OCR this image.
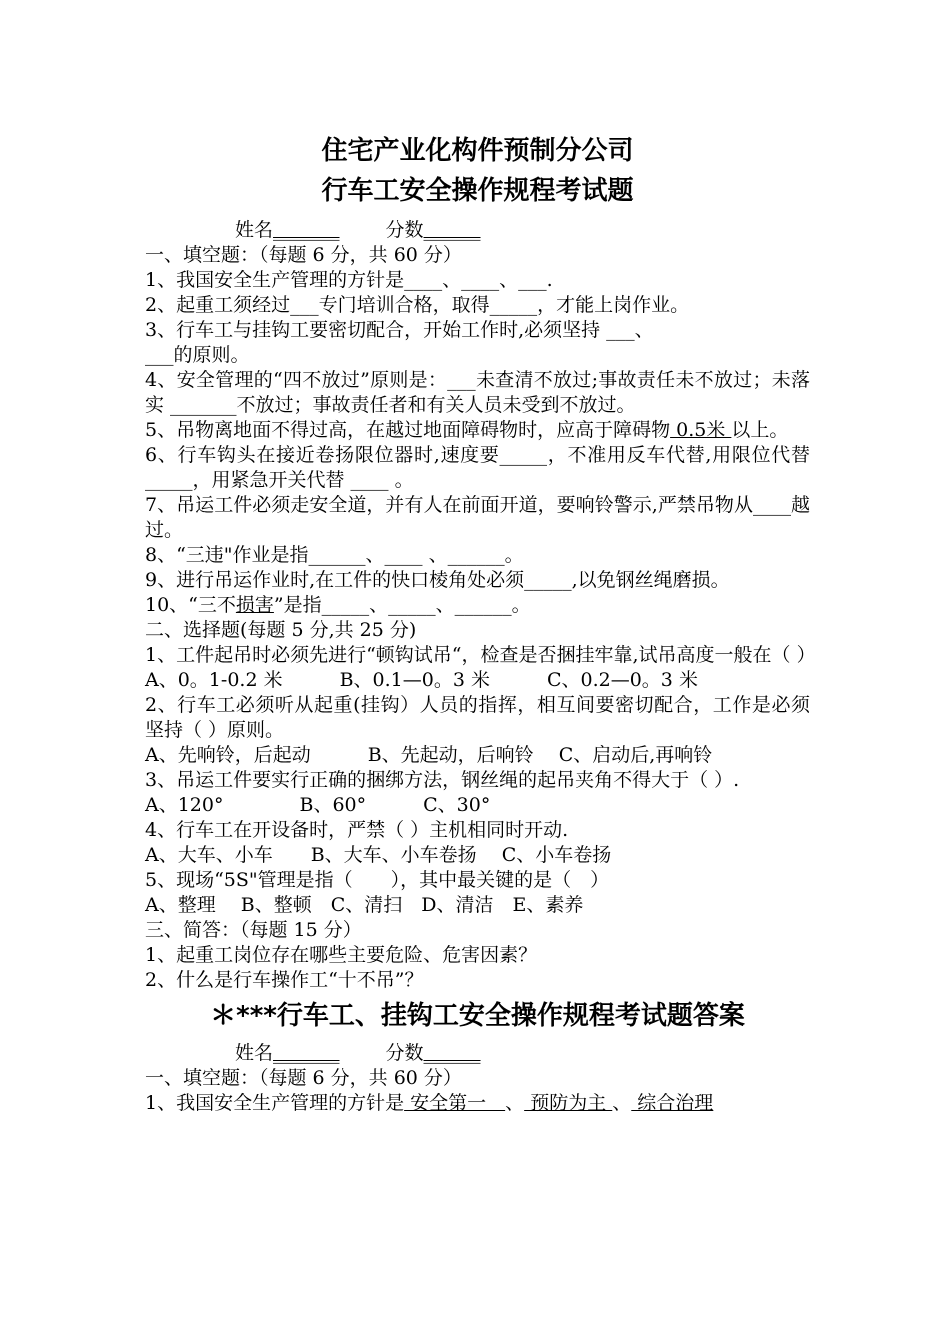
住宅产业化构件预制分公司
行车工安全操作规程考试题
姓名_______ 分数______
一、填空题：（每题 6 分，共 60 分）
1、我国安全生产管理的方针是____、____、___.
2、起重工须经过___专门培训合格，取得_____，才能上岗作业。
3、行车工与挂钩工要密切配合，开始工作时,必须坚持 ___、
___的原则。
4、安全管理的“四不放过”原则是：___未查清不放过;事故责任未不放过；未落实 _______不放过；事故责任者和有关人员未受到不放过。
5、吊物离地面不得过高，在越过地面障碍物时，应高于障碍物 0.5米 以上。
6、行车钩头在接近卷扬限位器时,速度要_____，不准用反车代替,用限位代替_____，用紧急开关代替 ____ 。
7、吊运工件必须走安全道，并有人在前面开道，要响铃警示,严禁吊物从____越过。
8、“三违"作业是指______、____ 、______。
9、进行吊运作业时,在工件的快口棱角处必须_____,以免钢丝绳磨损。
10、“三不损害”是指_____、_____、______。
二、选择题(每题 5 分,共 25 分)
1、工件起吊时必须先进行“顿钩试吊“，检查是否捆挂牢靠,试吊高度一般在（ ）
A、0。1-0.2 米　　　B、0.1—0。3 米　　　C、0.2—0。3 米
2、行车工必须听从起重(挂钩）人员的指挥，相互间要密切配合，工作是必须坚持（ ）原则。
A、先响铃，后起动　　　B、先起动，后响铃　 C、启动后,再响铃
3、吊运工件要实行正确的捆绑方法，钢丝绳的起吊夹角不得大于（ ）.
A、120°　　　　B、60°　　　C、30°
4、行车工在开设备时，严禁（ ）主机相同时开动.
A、大车、小车　　B、大车、小车卷扬　 C、小车卷扬
5、现场“5S"管理是指（　　），其中最关键的是（　）
A、整理　 B、整顿　C、清扫　D、清洁　E、素养
三、简答：（每题 15 分）
1、起重工岗位存在哪些主要危险、危害因素？
2、什么是行车操作工“十不吊”？
＊***行车工、挂钩工安全操作规程考试题答案
姓名_______ 分数______
一、填空题：（每题 6 分，共 60 分）
1、我国安全生产管理的方针是 安全第一　、 预防为主 、 综合治理
